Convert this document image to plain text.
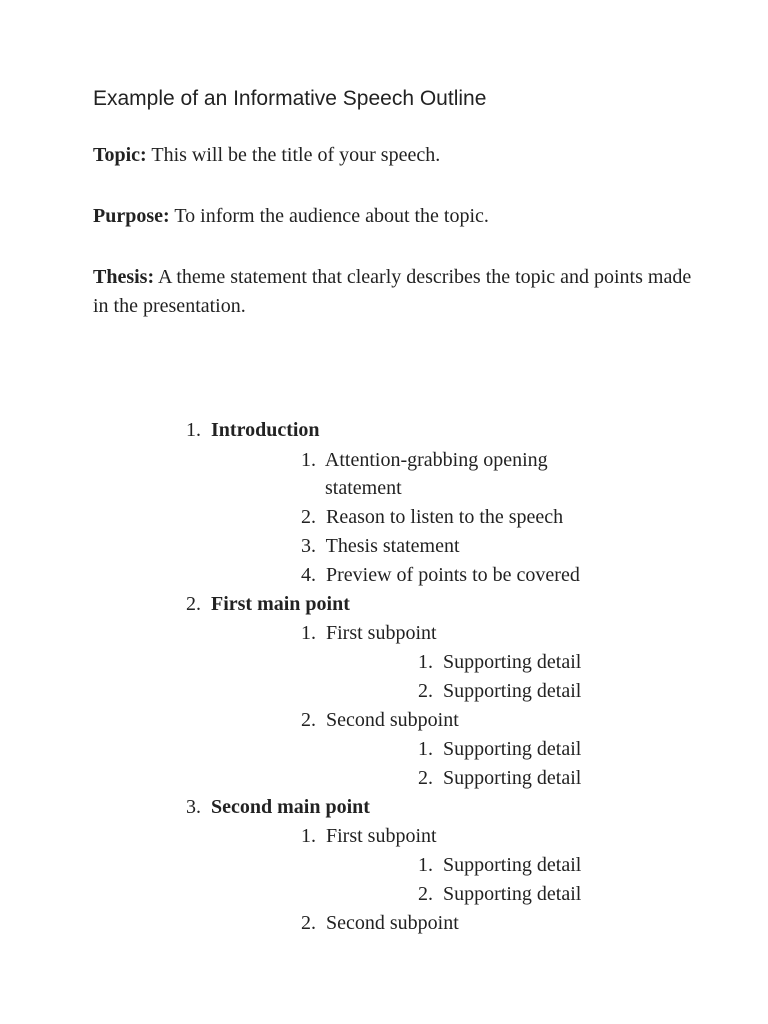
Example of an Informative Speech Outline

Topic: This will be the title of your speech.

Purpose: To inform the audience about the topic.

Thesis: A theme statement that clearly describes the topic and points made in the presentation.

1.  Introduction
1.  Attention-grabbing opening
statement
2.  Reason to listen to the speech
3.  Thesis statement
4.  Preview of points to be covered
2.  First main point
1.  First subpoint
1.  Supporting detail
2.  Supporting detail
2.  Second subpoint
1.  Supporting detail
2.  Supporting detail
3.  Second main point
1.  First subpoint
1.  Supporting detail
2.  Supporting detail
2.  Second subpoint
